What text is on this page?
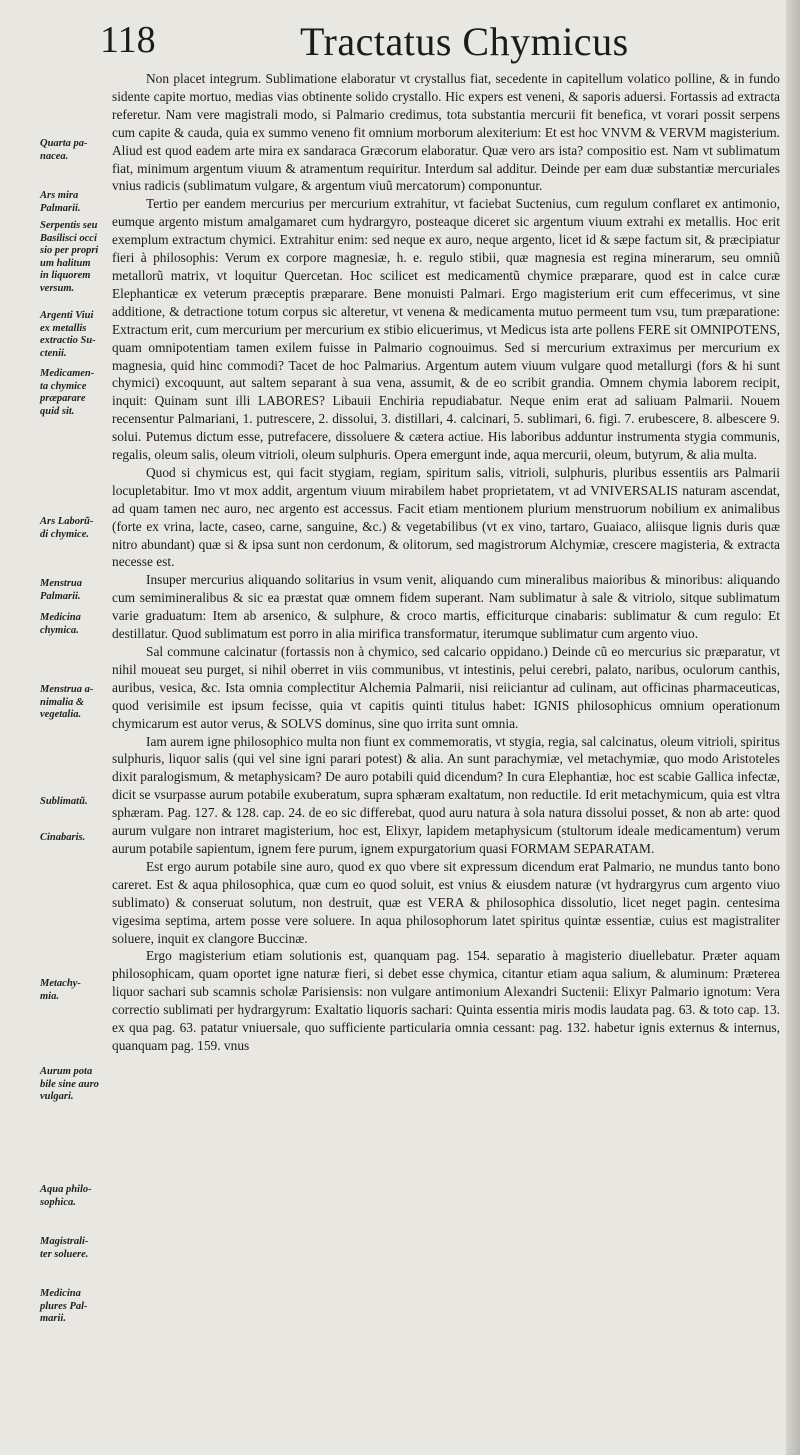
118	Tractatus Chymicus
Quarta pa-
nacea.
Ars mira
Palmarii.
Serpentis seu
Basilisci occi
sio per propri
um halitum
in liquorem
versum.
Argenti Viui
ex metallis
extractio Su-
ctenii.
Medicamen-
ta chymice
præparare
quid sit.
Ars Laborũ-
di chymice.
Menstrua
Palmarii.
Medicina
chymica.
Menstrua a-
nimalia &
vegetalia.
Sublimatũ.
Cinabaris.
Metachy-
mia.
Aurum pota
bile sine auro
vulgari.
Aqua philo-
sophica.
Magistrali-
ter soluere.
Medicina
plures Pal-
marii.

Non placet integrum. Sublimatione elaboratur vt crystallus fiat, secedente in capitellum volatico polline, & in fundo sidente capite mortuo, medias vias obtinente solido crystallo. Hic expers est veneni, & saporis aduersi. Fortassis ad extracta referetur. Nam vere magistrali modo, si Palmario credimus, tota substantia mercurii fit benefica, vt vorari possit serpens cum capite & cauda, quia ex summo veneno fit omnium morborum alexiterium: Et est hoc VNVM & VERVM magisterium. Aliud est quod eadem arte mira ex sandaraca Græcorum elaboratur. Quæ vero ars ista? compositio est. Nam vt sublimatum fiat, minimum argentum viuum & atramentum requiritur. Interdum sal additur. Deinde per eam duæ substantiæ mercuriales vnius radicis (sublimatum vulgare, & argentum viuũ mercatorum) componuntur.

Tertio per eandem mercurius per mercurium extrahitur, vt faciebat Suctenius, cum regulum conflaret ex antimonio, eumque argento mistum amalgamaret cum hydrargyro, posteaque diceret sic argentum viuum extrahi ex metallis. Hoc erit exemplum extractum chymici. Extrahitur enim: sed neque ex auro, neque argento, licet id & sæpe factum sit, & præcipiatur fieri à philosophis: Verum ex corpore magnesiæ, h. e. regulo stibii, quæ magnesia est regina minerarum, seu omniũ metallorũ matrix, vt loquitur Quercetan. Hoc scilicet est medicamentũ chymice præparare, quod est in calce curæ Elephanticæ ex veterum præceptis præparare. Bene monuisti Palmari. Ergo magisterium erit cum effecerimus, vt sine additione, & detractione totum corpus sic alteretur, vt venena & medicamenta mutuo permeent tum vsu, tum præparatione: Extractum erit, cum mercurium per mercurium ex stibio elicuerimus, vt Medicus ista arte pollens FERE sit OMNIPOTENS, quam omnipotentiam tamen exilem fuisse in Palmario cognouimus. Sed si mercurium extraximus per mercurium ex magnesia, quid hinc commodi? Tacet de hoc Palmarius. Argentum autem viuum vulgare quod metallurgi (fors & hi sunt chymici) excoquunt, aut saltem separant à sua vena, assumit, & de eo scribit grandia. Omnem chymia laborem recipit, inquit: Quinam sunt illi LABORES? Libauii Enchiria repudiabatur. Neque enim erat ad saliuam Palmarii. Nouem recensentur Palmariani, 1. putrescere, 2. dissolui, 3. distillari, 4. calcinari, 5. sublimari, 6. figi. 7. erubescere, 8. albescere 9. solui. Putemus dictum esse, putrefacere, dissoluere & cætera actiue. His laboribus adduntur instrumenta stygia communis, regalis, oleum salis, oleum vitrioli, oleum sulphuris. Opera emergunt inde, aqua mercurii, oleum, butyrum, & alia multa.

Quod si chymicus est, qui facit stygiam, regiam, spiritum salis, vitrioli, sulphuris, pluribus essentiis ars Palmarii locupletabitur. Imo vt mox addit, argentum viuum mirabilem habet proprietatem, vt ad VNIVERSALIS naturam ascendat, ad quam tamen nec auro, nec argento est accessus. Facit etiam mentionem plurium menstruorum nobilium ex animalibus (forte ex vrina, lacte, caseo, carne, sanguine, &c.) & vegetabilibus (vt ex vino, tartaro, Guaiaco, aliisque lignis duris quæ nitro abundant) quæ si & ipsa sunt non cerdonum, & olitorum, sed magistrorum Alchymiæ, crescere magisteria, & extracta necesse est.

Insuper mercurius aliquando solitarius in vsum venit, aliquando cum mineralibus maioribus & minoribus: aliquando cum semimineralibus & sic ea præstat quæ omnem fidem superant. Nam sublimatur à sale & vitriolo, sitque sublimatum varie graduatum: Item ab arsenico, & sulphure, & croco martis, efficiturque cinabaris: sublimatur & cum regulo: Et destillatur. Quod sublimatum est porro in alia mirifica transformatur, iterumque sublimatur cum argento viuo.

Sal commune calcinatur (fortassis non à chymico, sed calcario oppidano.) Deinde cũ eo mercurius sic præparatur, vt nihil moueat seu purget, si nihil oberret in viis communibus, vt intestinis, pelui cerebri, palato, naribus, oculorum canthis, auribus, vesica, &c. Ista omnia complectitur Alchemia Palmarii, nisi reiiciantur ad culinam, aut officinas pharmaceuticas, quod verisimile est ipsum fecisse, quia vt capitis quinti titulus habet: IGNIS philosophicus omnium operationum chymicarum est autor verus, & SOLVS dominus, sine quo irrita sunt omnia.

Iam aurem igne philosophico multa non fiunt ex commemoratis, vt stygia, regia, sal calcinatus, oleum vitrioli, spiritus sulphuris, liquor salis (qui vel sine igni parari potest) & alia. An sunt parachymiæ, vel metachymiæ, quo modo Aristoteles dixit paralogismum, & metaphysicam? De auro potabili quid dicendum? In cura Elephantiæ, hoc est scabie Gallica infectæ, dicit se vsurpasse aurum potabile exuberatum, supra sphæram exaltatum, non reductile. Id erit metachymicum, quia est vltra sphæram. Pag. 127. & 128. cap. 24. de eo sic differebat, quod auru natura à sola natura dissolui posset, & non ab arte: quod aurum vulgare non intraret magisterium, hoc est, Elixyr, lapidem metaphysicum (stultorum ideale medicamentum) verum aurum potabile sapientum, ignem fere purum, ignem expurgatorium quasi FORMAM SEPARATAM.

Est ergo aurum potabile sine auro, quod ex quo vbere sit expressum dicendum erat Palmario, ne mundus tanto bono careret. Est & aqua philosophica, quæ cum eo quod soluit, est vnius & eiusdem naturæ (vt hydrargyrus cum argento viuo sublimato) & conseruat solutum, non destruit, quæ est VERA & philosophica dissolutio, licet neget pagin. centesima vigesima septima, artem posse vere soluere. In aqua philosophorum latet spiritus quintæ essentiæ, cuius est magistraliter soluere, inquit ex clangore Buccinæ.

Ergo magisterium etiam solutionis est, quanquam pag. 154. separatio à magisterio diuellebatur. Præter aquam philosophicam, quam oportet igne naturæ fieri, si debet esse chymica, citantur etiam aqua salium, & aluminum: Præterea liquor sachari sub scamnis scholæ Parisiensis: non vulgare antimonium Alexandri Suctenii: Elixyr Palmario ignotum: Vera correctio sublimati per hydrargyrum: Exaltatio liquoris sachari: Quinta essentia miris modis laudata pag. 63. & toto cap. 13. ex qua pag. 63. patatur vniuersale, quo sufficiente particularia omnia cessant: pag. 132. habetur ignis externus & internus, quanquam pag. 159. vnus
